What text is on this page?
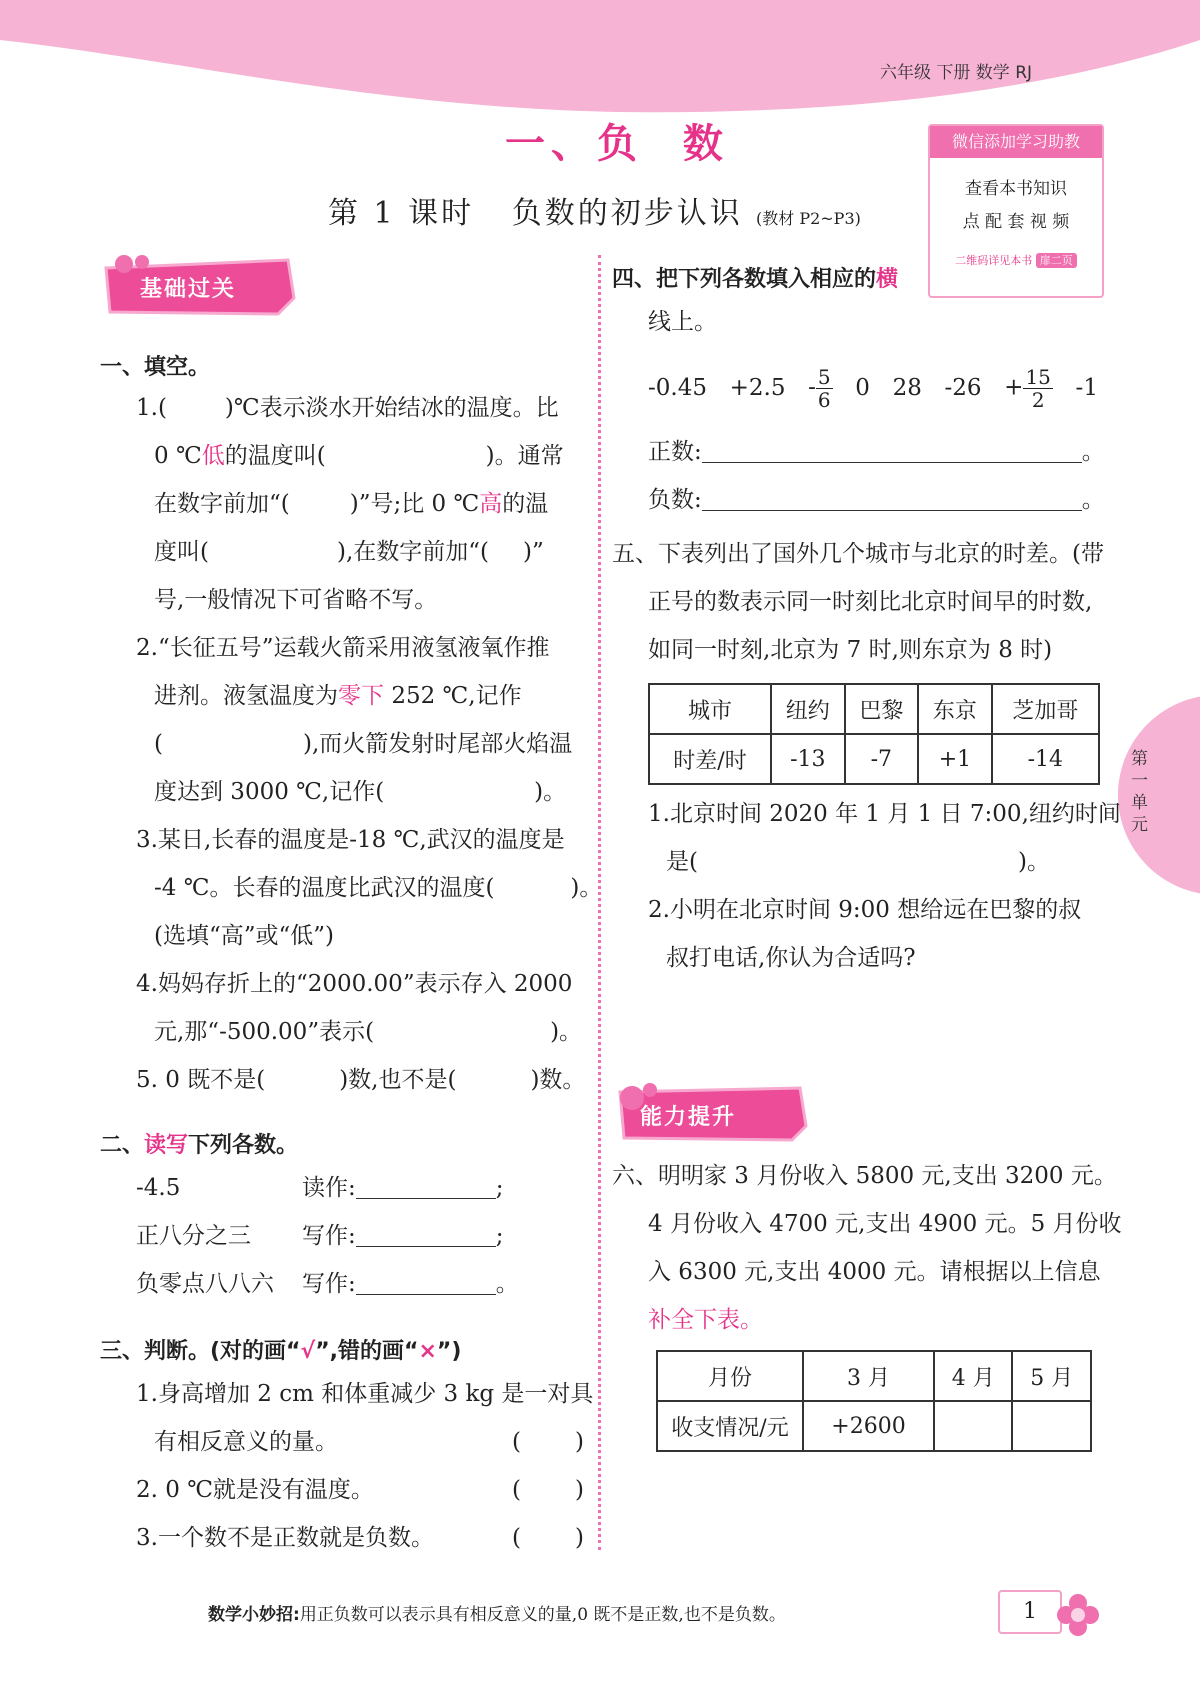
六年级 下册 数学 RJ
一、负  数
第 1 课时   负数的初步认识 (教材 P2~P3)
微信添加学习助教
查看本书知识
点 配 套 视 频
二维码详见本书 扉二页
第一单元
基础过关
一、填空。
1.(	)℃表示淡水开始结冰的温度。比
0 ℃低的温度叫(	)。通常
在数字前加“(	)”号;比 0 ℃高的温
度叫(	),在数字前加“( )”
号,一般情况下可省略不写。
2.“长征五号”运载火箭采用液氢液氧作推
进剂。液氢温度为零下 252 ℃,记作
(	),而火箭发射时尾部火焰温
度达到 3000 ℃,记作(	)。
3.某日,长春的温度是-18 ℃,武汉的温度是
-4 ℃。长春的温度比武汉的温度(	)。
(选填“高”或“低”)
4.妈妈存折上的“2000.00”表示存入 2000
元,那“-500.00”表示(	)。
5. 0 既不是(	)数,也不是(	)数。
二、读写下列各数。
-4.5	读作:	;
正八分之三 写作:	;
负零点八八六 写作:	。
三、判断。(对的画“√”,错的画“×”)
1.身高增加 2 cm 和体重减少 3 kg 是一对具
有相反意义的量。
2. 0 ℃就是没有温度。
3.一个数不是正数就是负数。
( )
( )
( )
四、把下列各数填入相应的横
线上。
$-0.45 +2.5 - \frac{5}{6} 0$ 28 $-26 + \frac{15}{2} -1$
正数:	。
负数:	。
五、下表列出了国外几个城市与北京的时差。(带
正号的数表示同一时刻比北京时间早的时数,
如同一时刻,北京为 7 时,则东京为 8 时)
城市	纽约	巴黎	东京	芝加哥
时差/时	-13	-7	+1	-14
1.北京时间 2020 年 1 月 1 日 7:00,纽约时间
是(	)。
2.小明在北京时间 9:00 想给远在巴黎的叔
叔打电话,你认为合适吗?
能力提升
六、明明家 3 月份收入 5800 元,支出 3200 元。
4 月份收入 4700 元,支出 4900 元。5 月份收
入 6300 元,支出 4000 元。请根据以上信息
补全下表。
月份	3 月	4 月	5 月
收支情况/元	+2600		
数学小妙招:用正负数可以表示具有相反意义的量,0 既不是正数,也不是负数。	1
